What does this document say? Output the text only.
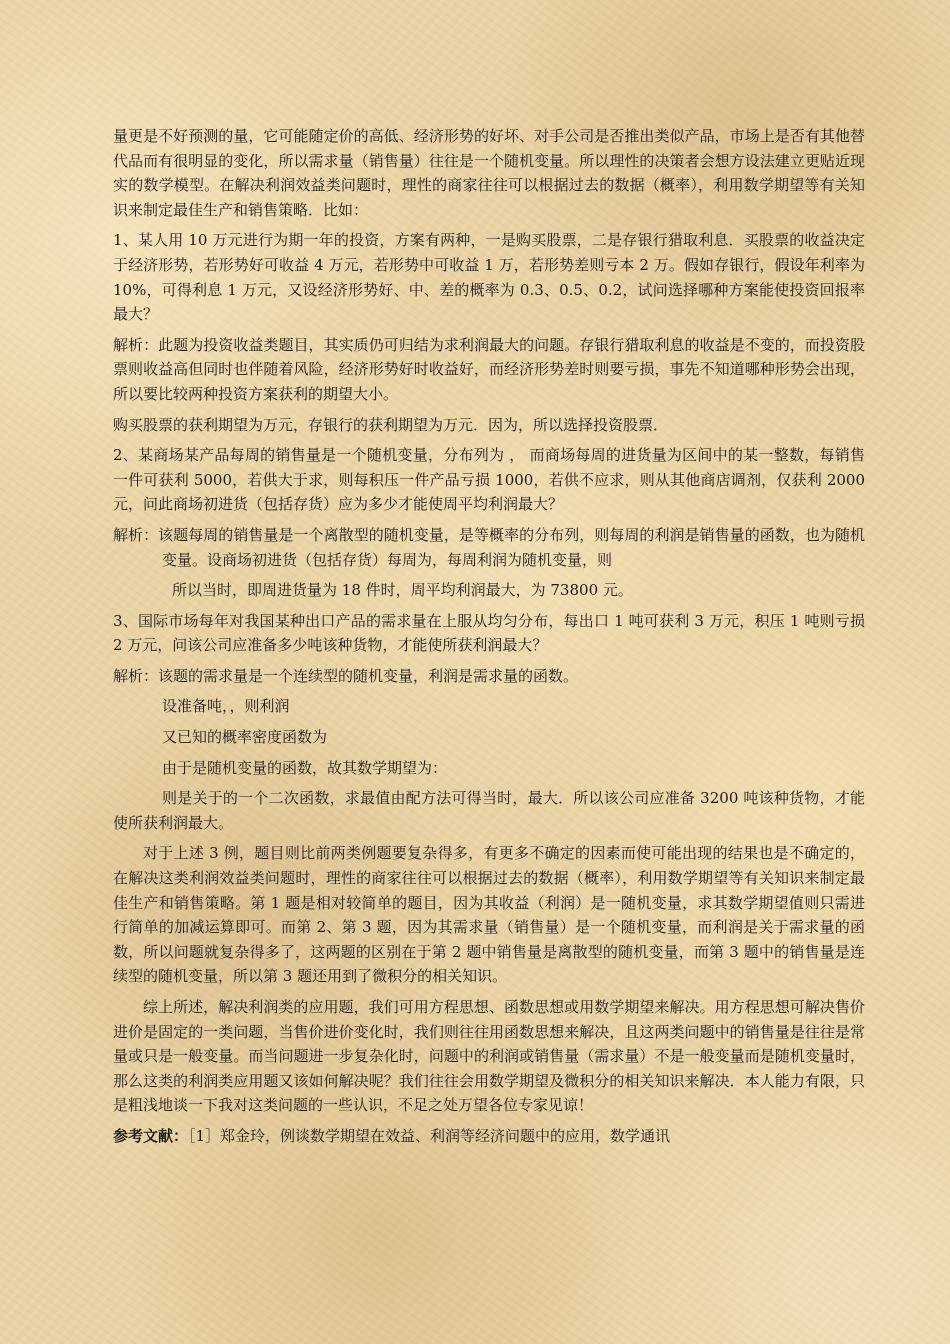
量更是不好预测的量，它可能随定价的高低、经济形势的好坏、对手公司是否推出类似产品，市场上是否有其他替代品而有很明显的变化，所以需求量（销售量）往往是一个随机变量。所以理性的决策者会想方设法建立更贴近现实的数学模型。在解决利润效益类问题时，理性的商家往往可以根据过去的数据（概率），利用数学期望等有关知识来制定最佳生产和销售策略．比如：

1、某人用 10 万元进行为期一年的投资，方案有两种，一是购买股票，二是存银行猎取利息．买股票的收益决定于经济形势，若形势好可收益 4 万元，若形势中可收益 1 万，若形势差则亏本 2 万。假如存银行，假设年利率为 10%，可得利息 1 万元，又设经济形势好、中、差的概率为 0.3、0.5、0.2，试问选择哪种方案能使投资回报率最大？

解析：此题为投资收益类题目，其实质仍可归结为求利润最大的问题。存银行猎取利息的收益是不变的，而投资股票则收益高但同时也伴随着风险，经济形势好时收益好，而经济形势差时则要亏损，事先不知道哪种形势会出现，所以要比较两种投资方案获利的期望大小。

购买股票的获利期望为万元，存银行的获利期望为万元．因为，所以选择投资股票．

2、某商场某产品每周的销售量是一个随机变量，分布列为 ， 而商场每周的进货量为区间中的某一整数，每销售一件可获利 5000，若供大于求，则每积压一件产品亏损 1000，若供不应求，则从其他商店调剂，仅获利 2000 元，问此商场初进货（包括存货）应为多少才能使周平均利润最大？

解析：该题每周的销售量是一个离散型的随机变量，是等概率的分布列，则每周的利润是销售量的函数，也为随机变量。设商场初进货（包括存货）每周为，每周利润为随机变量，则

所以当时，即周进货量为 18 件时，周平均利润最大，为 73800 元。

3、国际市场每年对我国某种出口产品的需求量在上服从均匀分布，每出口 1 吨可获利 3 万元，积压 1 吨则亏损 2 万元，问该公司应准备多少吨该种货物，才能使所获利润最大？

解析：该题的需求量是一个连续型的随机变量，利润是需求量的函数。

设准备吨，，则利润

又已知的概率密度函数为

由于是随机变量的函数，故其数学期望为：

则是关于的一个二次函数，求最值由配方法可得当时，最大．所以该公司应准备 3200 吨该种货物，才能使所获利润最大。

对于上述 3 例，题目则比前两类例题要复杂得多，有更多不确定的因素而使可能出现的结果也是不确定的，在解决这类利润效益类问题时，理性的商家往往可以根据过去的数据（概率），利用数学期望等有关知识来制定最佳生产和销售策略。第 1 题是相对较简单的题目，因为其收益（利润）是一随机变量，求其数学期望值则只需进行简单的加减运算即可。而第 2、第 3 题，因为其需求量（销售量）是一个随机变量，而利润是关于需求量的函数，所以问题就复杂得多了，这两题的区别在于第 2 题中销售量是离散型的随机变量，而第 3 题中的销售量是连续型的随机变量，所以第 3 题还用到了微积分的相关知识。

综上所述，解决利润类的应用题，我们可用方程思想、函数思想或用数学期望来解决。用方程思想可解决售价进价是固定的一类问题，当售价进价变化时，我们则往往用函数思想来解决，且这两类问题中的销售量是往往是常量或只是一般变量。而当问题进一步复杂化时，问题中的利润或销售量（需求量）不是一般变量而是随机变量时，那么这类的利润类应用题又该如何解决呢？我们往往会用数学期望及微积分的相关知识来解决．本人能力有限，只是粗浅地谈一下我对这类问题的一些认识，不足之处万望各位专家见谅！

参考文献：［1］郑金玲，例谈数学期望在效益、利润等经济问题中的应用，数学通讯
